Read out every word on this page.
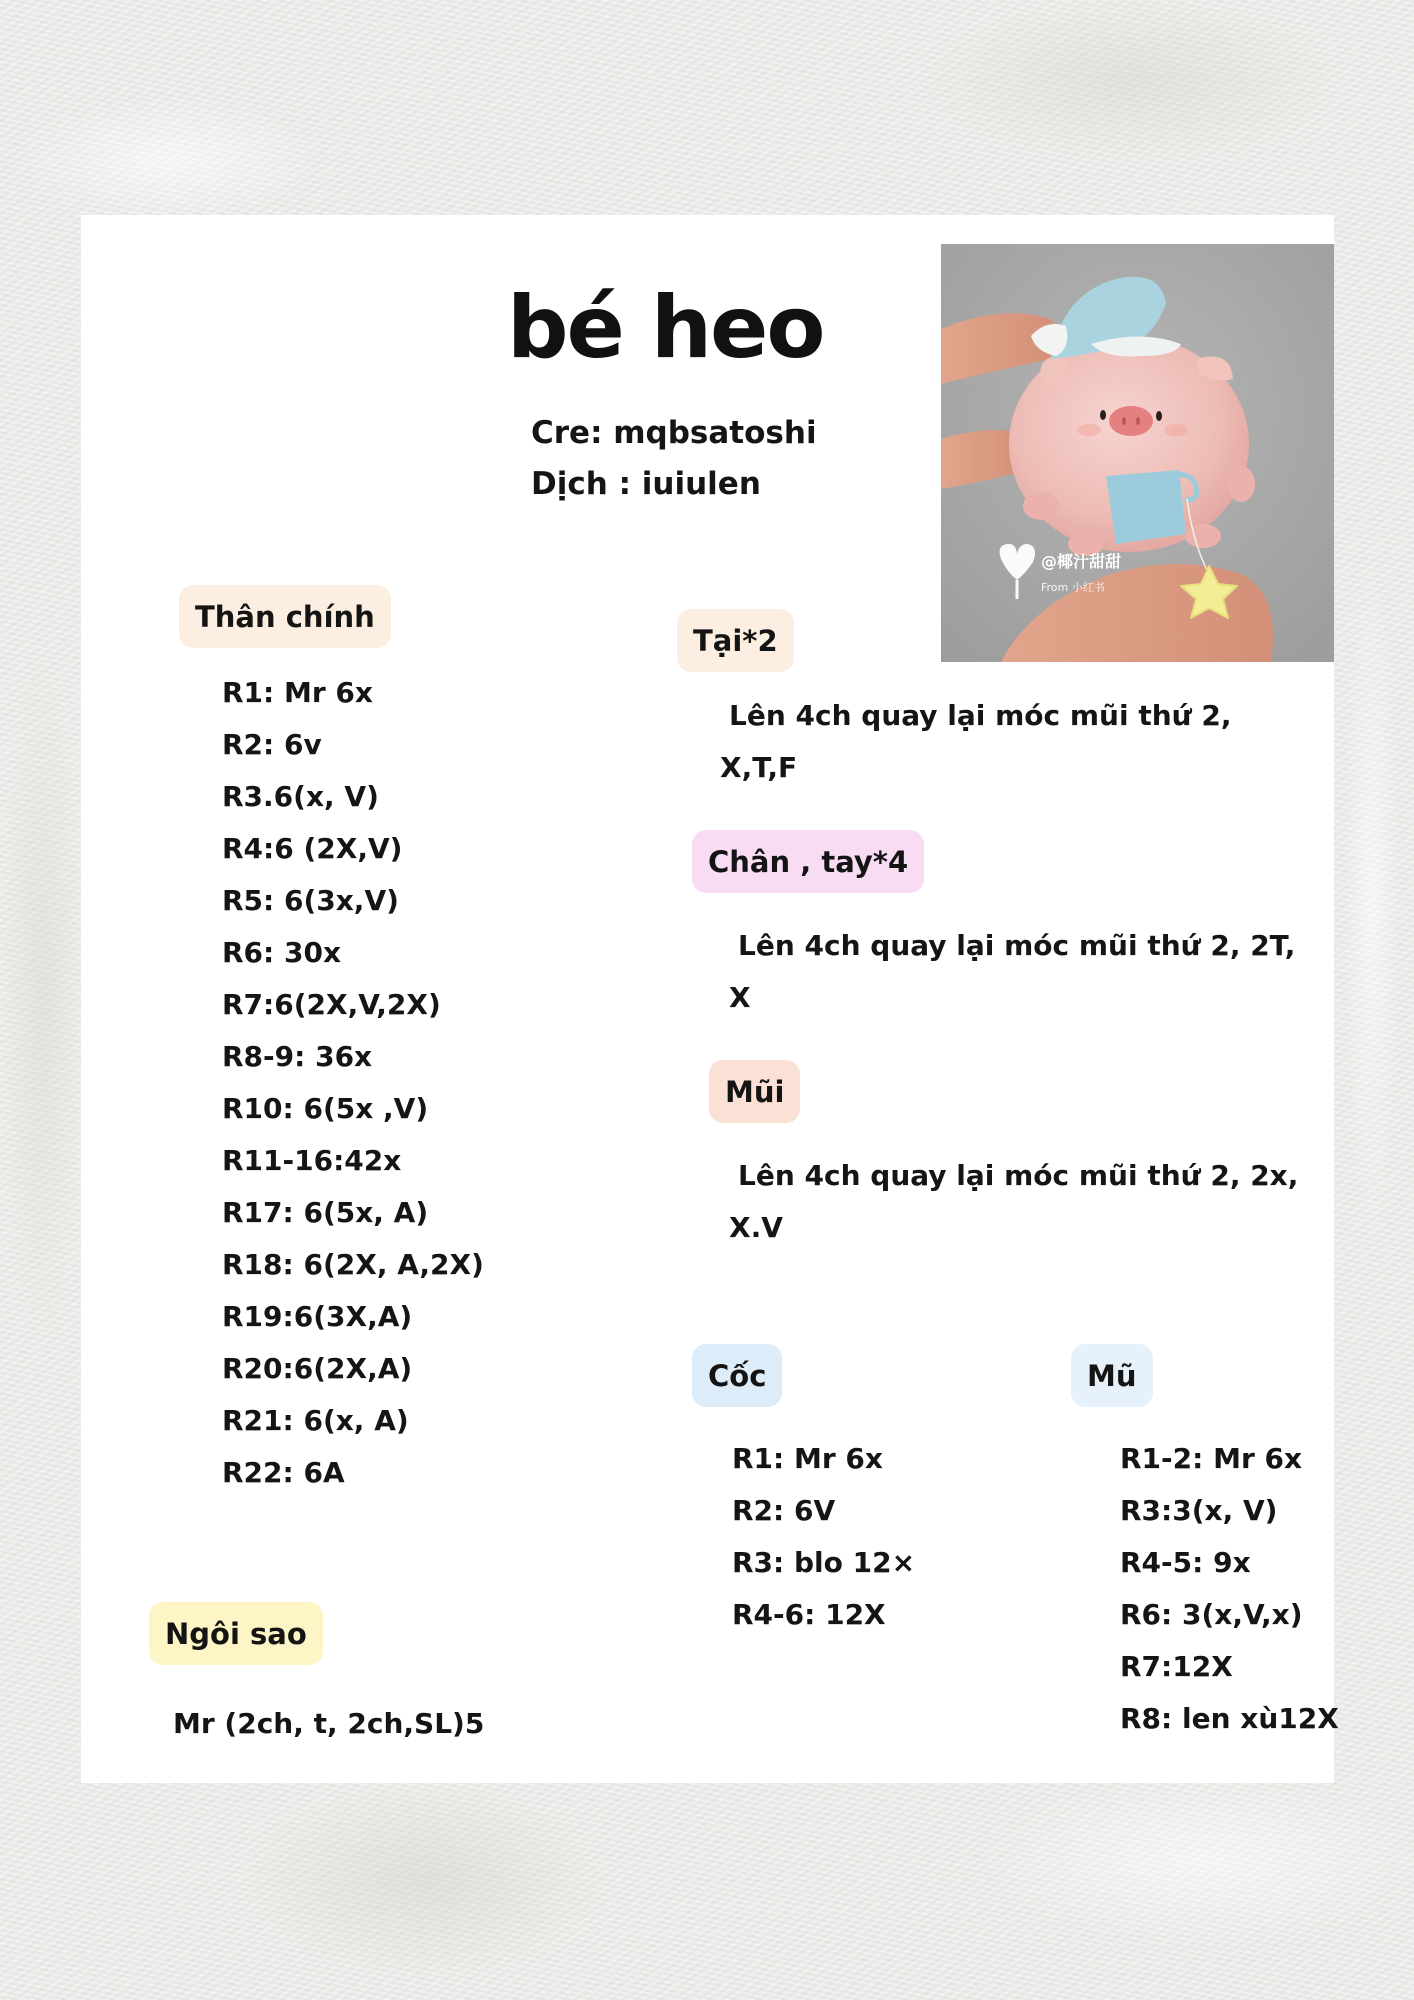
bé heo
Cre: mqbsatoshi
Dịch : iuiulen
@椰汁甜甜
From 小红书
Thân chính
R1: Mr 6x
R2: 6v
R3.6(x, V)
R4:6 (2X,V)
R5: 6(3x,V)
R6: 30x
R7:6(2X,V,2X)
R8-9: 36x
R10: 6(5x ,V)
R11-16:42x
R17: 6(5x, A)
R18: 6(2X, A,2X)
R19:6(3X,A)
R20:6(2X,A)
R21: 6(x, A)
R22: 6A
Ngôi sao
Mr (2ch, t, 2ch,SL)5
Tại*2
Lên 4ch quay lại móc mũi thứ 2,
X,T,F
Chân , tay*4
Lên 4ch quay lại móc mũi thứ 2, 2T,
X
Mũi
Lên 4ch quay lại móc mũi thứ 2, 2x,
X.V
Cốc
R1: Mr 6x
R2: 6V
R3: blo 12×
R4-6: 12X
Mũ
R1-2: Mr 6x
R3:3(x, V)
R4-5: 9x
R6: 3(x,V,x)
R7:12X
R8: len xù12X
